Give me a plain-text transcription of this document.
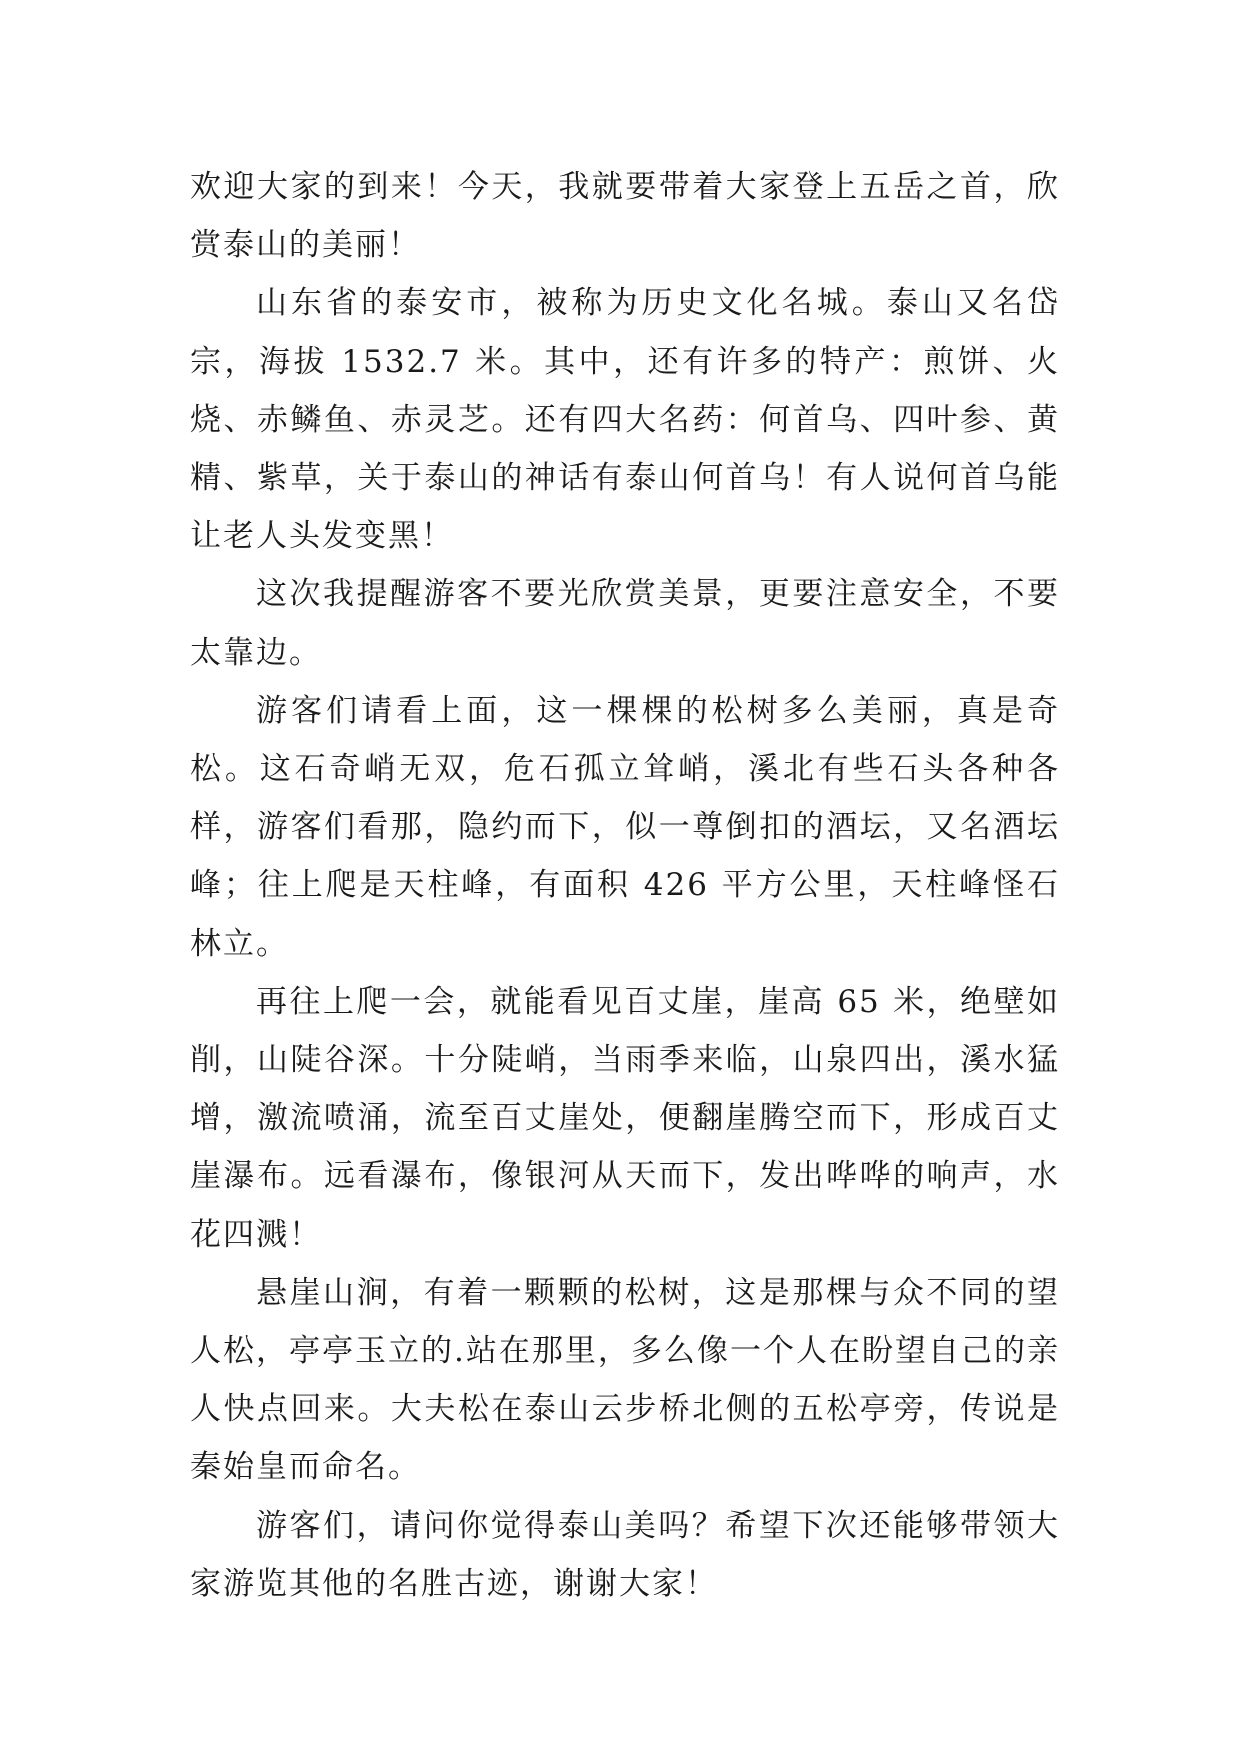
欢迎大家的到来！今天，我就要带着大家登上五岳之首，欣赏泰山的美丽！

山东省的泰安市，被称为历史文化名城。泰山又名岱宗，海拔 1532.7 米。其中，还有许多的特产：煎饼、火烧、赤鳞鱼、赤灵芝。还有四大名药：何首乌、四叶参、黄精、紫草，关于泰山的神话有泰山何首乌！有人说何首乌能让老人头发变黑！

这次我提醒游客不要光欣赏美景，更要注意安全，不要太靠边。

游客们请看上面，这一棵棵的松树多么美丽，真是奇松。这石奇峭无双，危石孤立耸峭，溪北有些石头各种各样，游客们看那，隐约而下，似一尊倒扣的酒坛，又名酒坛峰；往上爬是天柱峰，有面积 426 平方公里，天柱峰怪石林立。

再往上爬一会，就能看见百丈崖，崖高 65 米，绝壁如削，山陡谷深。十分陡峭，当雨季来临，山泉四出，溪水猛增，激流喷涌，流至百丈崖处，便翻崖腾空而下，形成百丈崖瀑布。远看瀑布，像银河从天而下，发出哗哗的响声，水花四溅！

悬崖山涧，有着一颗颗的松树，这是那棵与众不同的望人松，亭亭玉立的.站在那里，多么像一个人在盼望自己的亲人快点回来。大夫松在泰山云步桥北侧的五松亭旁，传说是秦始皇而命名。

游客们，请问你觉得泰山美吗？希望下次还能够带领大家游览其他的名胜古迹，谢谢大家！
